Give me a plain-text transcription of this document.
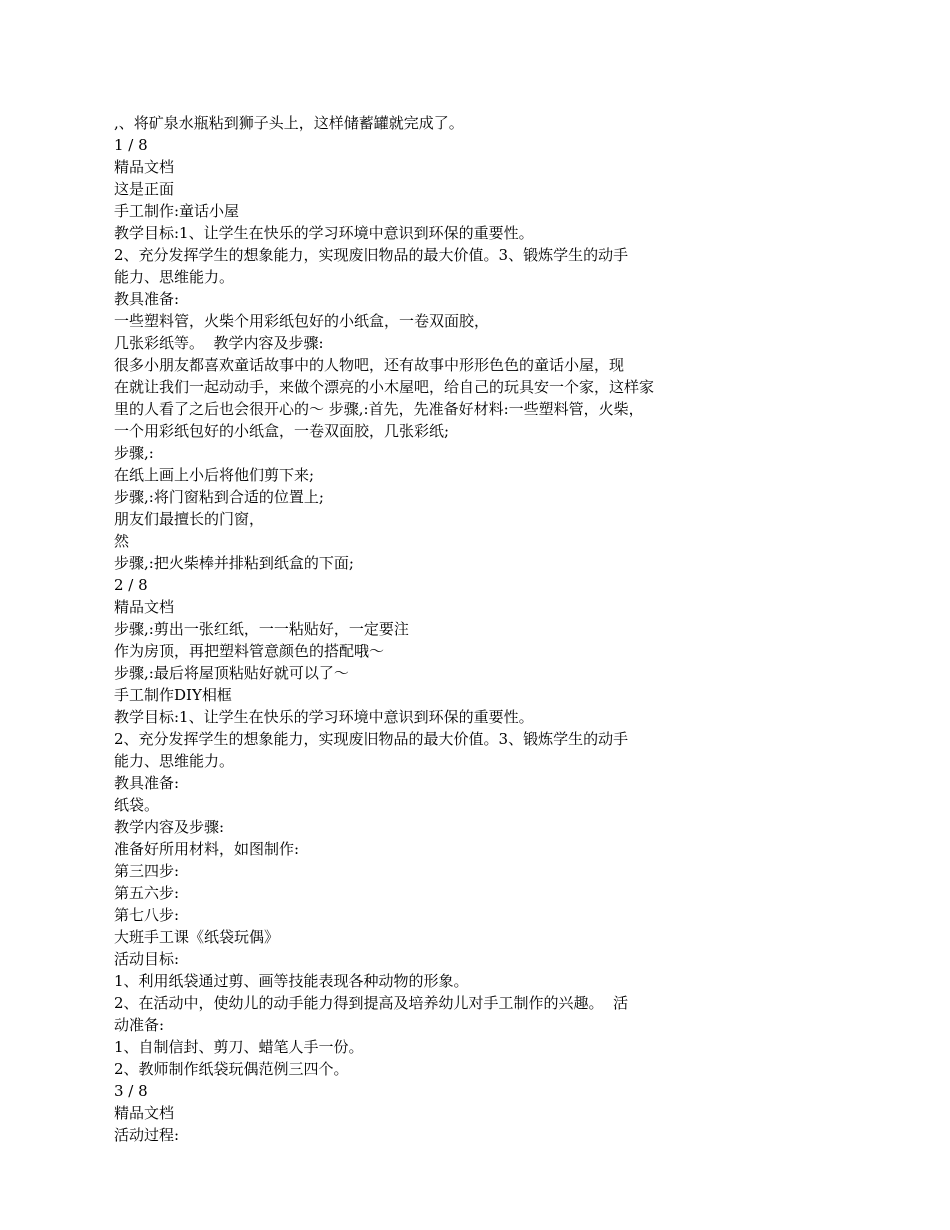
,、将矿泉水瓶粘到狮子头上，这样储蓄罐就完成了。
1 / 8
精品文档
这是正面
手工制作:童话小屋
教学目标:1、让学生在快乐的学习环境中意识到环保的重要性。
2、充分发挥学生的想象能力，实现废旧物品的最大价值。3、锻炼学生的动手
能力、思维能力。
教具准备:
一些塑料管，火柴个用彩纸包好的小纸盒，一卷双面胶，
几张彩纸等。  教学内容及步骤:
很多小朋友都喜欢童话故事中的人物吧，还有故事中形形色色的童话小屋，现
在就让我们一起动动手，来做个漂亮的小木屋吧，给自己的玩具安一个家，这样家
里的人看了之后也会很开心的～ 步骤,:首先，先准备好材料:一些塑料管，火柴，
一个用彩纸包好的小纸盒，一卷双面胶，几张彩纸;
步骤,:
在纸上画上小后将他们剪下来;
步骤,:将门窗粘到合适的位置上;
朋友们最擅长的门窗，
然
步骤,:把火柴棒并排粘到纸盒的下面;
2 / 8
精品文档
步骤,:剪出一张红纸，一一粘贴好，一定要注
作为房顶，再把塑料管意颜色的搭配哦～
步骤,:最后将屋顶粘贴好就可以了～
手工制作DIY相框
教学目标:1、让学生在快乐的学习环境中意识到环保的重要性。
2、充分发挥学生的想象能力，实现废旧物品的最大价值。3、锻炼学生的动手
能力、思维能力。
教具准备:
纸袋。
教学内容及步骤:
准备好所用材料，如图制作:
第三四步:
第五六步:
第七八步:
大班手工课《纸袋玩偶》
活动目标:
1、利用纸袋通过剪、画等技能表现各种动物的形象。
2、在活动中，使幼儿的动手能力得到提高及培养幼儿对手工制作的兴趣。  活
动准备:
1、自制信封、剪刀、蜡笔人手一份。
2、教师制作纸袋玩偶范例三四个。
3 / 8
精品文档
活动过程:
